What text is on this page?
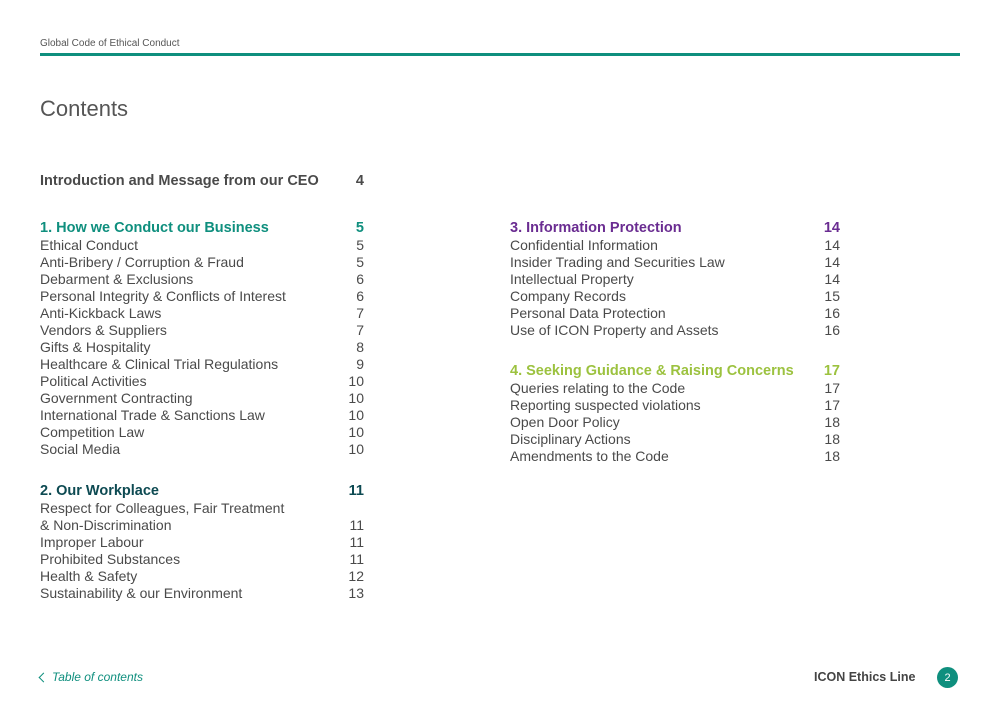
Global Code of Ethical Conduct
Contents
Introduction and Message from our CEO	4
1. How we Conduct our Business	5
Ethical Conduct	5
Anti-Bribery / Corruption & Fraud	5
Debarment & Exclusions	6
Personal Integrity & Conflicts of Interest	6
Anti-Kickback Laws	7
Vendors & Suppliers	7
Gifts & Hospitality	8
Healthcare & Clinical Trial Regulations	9
Political Activities	10
Government Contracting	10
International Trade & Sanctions Law	10
Competition Law	10
Social Media	10
2. Our Workplace	11
Respect for Colleagues, Fair Treatment
& Non-Discrimination	11
Improper Labour	11
Prohibited Substances	11
Health & Safety	12
Sustainability & our Environment	13
3. Information Protection	14
Confidential Information	14
Insider Trading and Securities Law	14
Intellectual Property	14
Company Records	15
Personal Data Protection	16
Use of ICON Property and Assets	16
4. Seeking Guidance & Raising Concerns 17
Queries relating to the Code	17
Reporting suspected violations	17
Open Door Policy	18
Disciplinary Actions	18
Amendments to the Code	18
Table of contents	ICON Ethics Line	2
